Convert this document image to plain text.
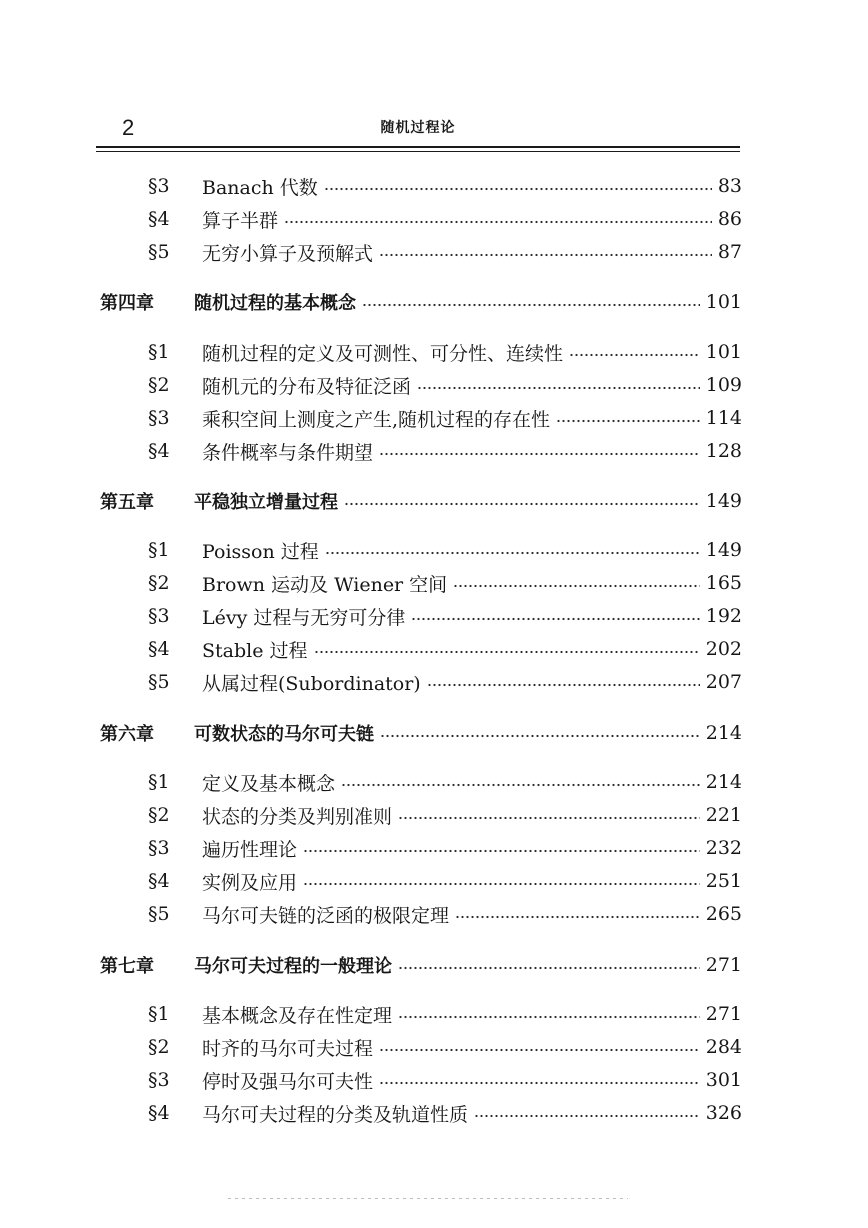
2	随机过程论
§3	Banach 代数	83
§4	算子半群	86
§5	无穷小算子及预解式	87
第四章	随机过程的基本概念	101
§1	随机过程的定义及可测性、可分性、连续性	101
§2	随机元的分布及特征泛函	109
§3	乘积空间上测度之产生,随机过程的存在性	114
§4	条件概率与条件期望	128
第五章	平稳独立增量过程	149
§1	Poisson 过程	149
§2	Brown 运动及 Wiener 空间	165
§3	Lévy 过程与无穷可分律	192
§4	Stable 过程	202
§5	从属过程(Subordinator)	207
第六章	可数状态的马尔可夫链	214
§1	定义及基本概念	214
§2	状态的分类及判别准则	221
§3	遍历性理论	232
§4	实例及应用	251
§5	马尔可夫链的泛函的极限定理	265
第七章	马尔可夫过程的一般理论	271
§1	基本概念及存在性定理	271
§2	时齐的马尔可夫过程	284
§3	停时及强马尔可夫性	301
§4	马尔可夫过程的分类及轨道性质	326
